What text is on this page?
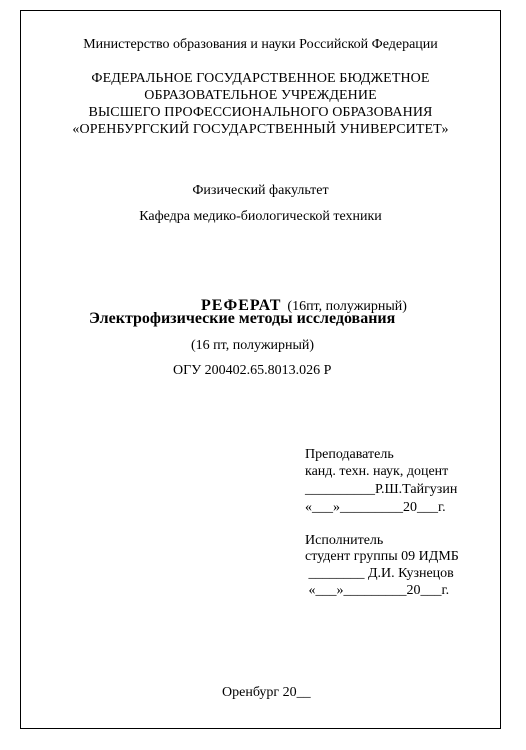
Министерство образования и науки Российской Федерации
ФЕДЕРАЛЬНОЕ ГОСУДАРСТВЕННОЕ БЮДЖЕТНОЕ
ОБРАЗОВАТЕЛЬНОЕ УЧРЕЖДЕНИЕ
ВЫСШЕГО ПРОФЕССИОНАЛЬНОГО ОБРАЗОВАНИЯ
«ОРЕНБУРГСКИЙ ГОСУДАРСТВЕННЫЙ УНИВЕРСИТЕТ»
Физический факультет
Кафедра медико-биологической техники

РЕФЕРАТ (16пт, полужирный)

Электрофизические методы исследования
(16 пт, полужирный)
ОГУ 200402.65.8013.026 Р
Преподаватель
канд. техн. наук, доцент
__________Р.Ш.Тайгузин
«___»_________20___г.
Исполнитель
студент группы 09 ИДМБ
________ Д.И. Кузнецов
«___»_________20___г.
Оренбург 20__
